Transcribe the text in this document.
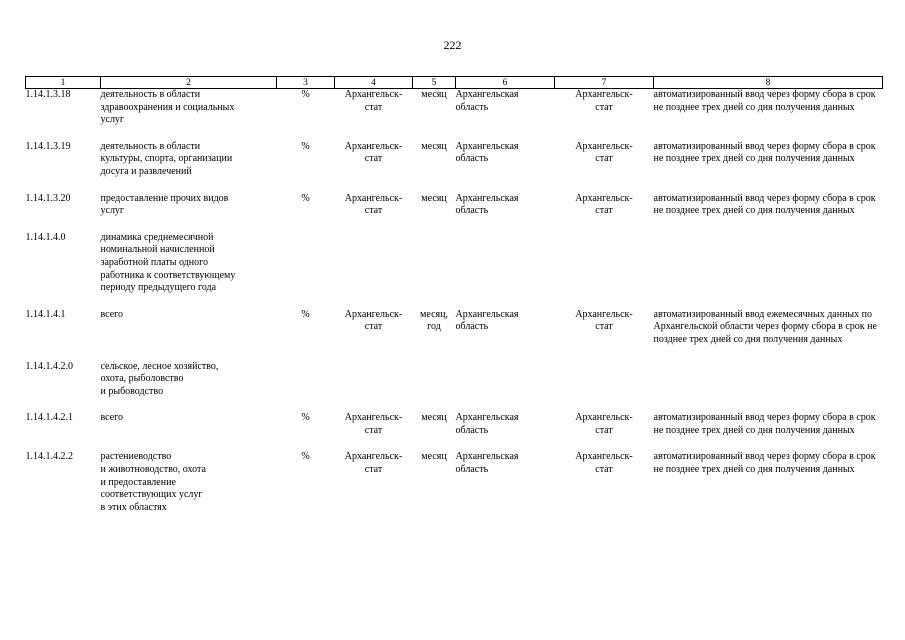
222
1	2	3	4	5	6	7	8
1.14.1.3.18	деятельность в области
здравоохранения и социальных
услуг	%	Архангельск-
стат	месяц	Архангельская
область	Архангельск-
стат	автоматизированный ввод через форму сбора в срок не позднее трех дней со дня получения данных

1.14.1.3.19	деятельность в области
культуры, спорта, организации
досуга и развлечений	%	Архангельск-
стат	месяц	Архангельская
область	Архангельск-
стат	автоматизированный ввод через форму сбора в срок не позднее трех дней со дня получения данных

1.14.1.3.20	предоставление прочих видов
услуг	%	Архангельск-
стат	месяц	Архангельская
область	Архангельск-
стат	автоматизированный ввод через форму сбора в срок не позднее трех дней со дня получения данных

1.14.1.4.0	динамика среднемесячной
номинальной начисленной
заработной платы одного
работника к соответствующему
периоду предыдущего года						

1.14.1.4.1	всего	%	Архангельск-
стат	месяц,
год	Архангельская
область	Архангельск-
стат	автоматизированный ввод ежемесячных данных по Архангельской области через форму сбора в срок не позднее трех дней со дня получения данных

1.14.1.4.2.0	сельское, лесное хозяйство,
охота, рыболовство
и рыбоводство						

1.14.1.4.2.1	всего	%	Архангельск-
стат	месяц	Архангельская
область	Архангельск-
стат	автоматизированный ввод через форму сбора в срок не позднее трех дней со дня получения данных

1.14.1.4.2.2	растениеводство
и животноводство, охота
и предоставление
соответствующих услуг
в этих областях	%	Архангельск-
стат	месяц	Архангельская
область	Архангельск-
стат	автоматизированный ввод через форму сбора в срок не позднее трех дней со дня получения данных
